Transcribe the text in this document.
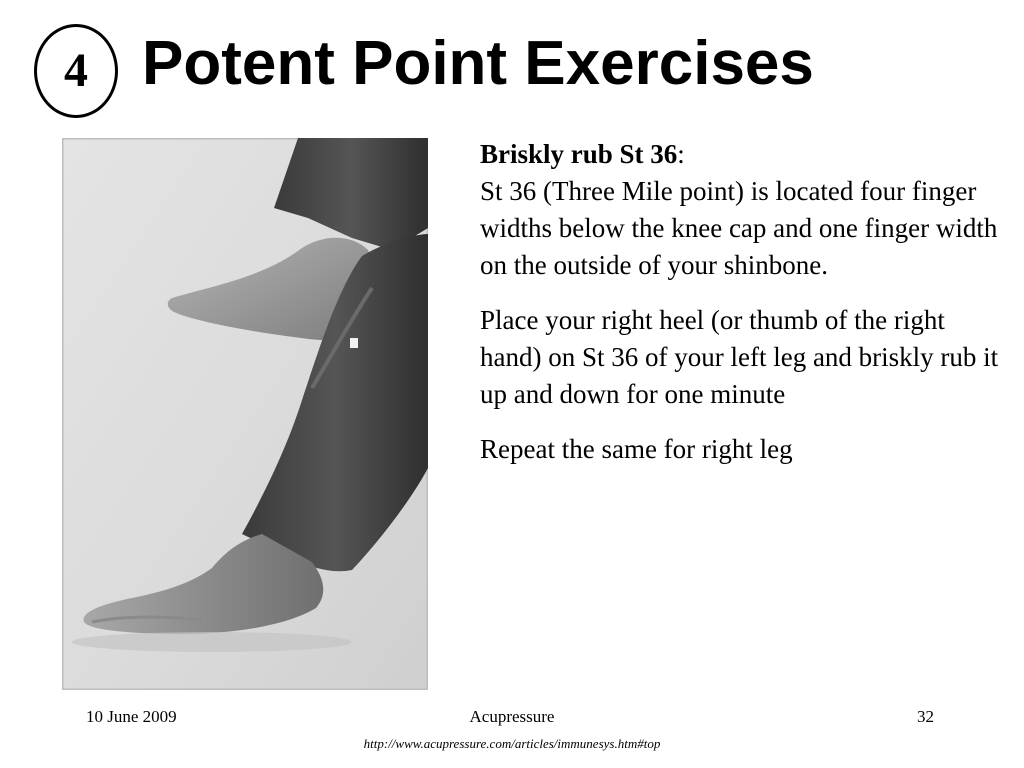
4 Potent Point Exercises

Briskly rub St 36:
St 36 (Three Mile point) is located four finger widths below the knee cap and one finger width on the outside of your shinbone.

Place your right heel (or thumb of the right hand) on St 36 of your left leg and briskly rub it up and down for one minute

Repeat the same for right leg

10 June 2009	Acupressure	32
http://www.acupressure.com/articles/immunesys.htm#top
